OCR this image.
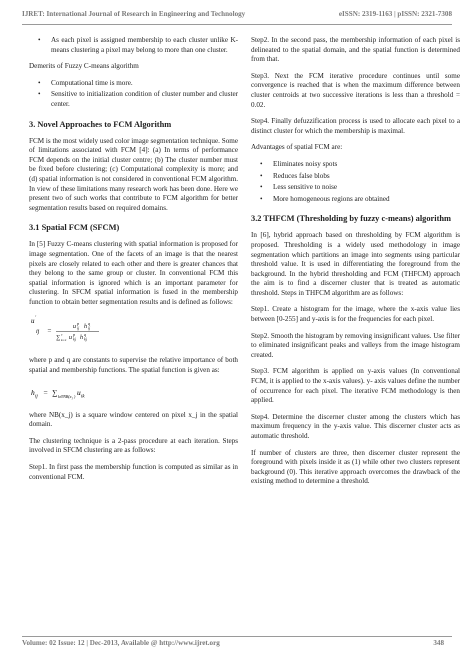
IJRET: International Journal of Research in Engineering and Technology	eISSN: 2319-1163 | pISSN: 2321-7308
• As each pixel is assigned membership to each cluster unlike K-means clustering a pixel may belong to more than one cluster.

Demerits of Fuzzy C-means algorithm

• Computational time is more.
• Sensitive to initialization condition of cluster number and cluster center.
3. Novel Approaches to FCM Algorithm

FCM is the most widely used color image segmentation technique. Some of limitations associated with FCM [4]: (a) In terms of performance FCM depends on the initial cluster centre; (b) The cluster number must be fixed before clustering; (c) Computational complexity is more; and (d) spatial information is not considered in conventional FCM algorithm. In view of these limitations many research work has been done. Here we present two of such works that contribute to FCM algorithm for better segmentation results based on required domains.

3.1 Spatial FCM (SFCM)

In [5] Fuzzy C-means clustering with spatial information is proposed for image segmentation. One of the facets of an image is that the nearest pixels are closely related to each other and there is greater chances that they belong to the same group or cluster. In conventional FCM this spatial information is ignored which is an important parameter for clustering. In SFCM spatial information is fused in the membership function to obtain better segmentation results and is defined as follows:

u '
ij =	u
p
ij h
q
ij
∑ k=1
c
u
p
kj h
q
kj

where p and q are constants to supervise the relative importance of both spatial and membership functions. The spatial function is given as:

h ij = ∑ k∈NB(x j ) u ik

where NB(x_j) is a square window centered on pixel x_j in the spatial domain.

The clustering technique is a 2-pass procedure at each iteration. Steps involved in SFCM clustering are as follows:

Step1. In first pass the membership function is computed as similar as in conventional FCM.

Step2. In the second pass, the membership information of each pixel is delineated to the spatial domain, and the spatial function is determined from that.

Step3. Next the FCM iterative procedure continues until some convergence is reached that is when the maximum difference between cluster centroids at two successive iterations is less than a threshold = 0.02.

Step4. Finally defuzzification process is used to allocate each pixel to a distinct cluster for which the membership is maximal.

Advantages of spatial FCM are:

• Eliminates noisy spots
• Reduces false blobs
• Less sensitive to noise
• More homogeneous regions are obtained
3.2 THFCM (Thresholding by fuzzy c-means) algorithm

In [6], hybrid approach based on thresholding by FCM algorithm is proposed. Thresholding is a widely used methodology in image segmentation which partitions an image into segments using particular threshold value. It is used in differentiating the foreground from the background. In the hybrid thresholding and FCM (THFCM) approach the aim is to find a discerner cluster that is treated as automatic threshold. Steps in THFCM algorithm are as follows:

Step1. Create a histogram for the image, where the x-axis value lies between [0-255] and y-axis is for the frequencies for each pixel.

Step2. Smooth the histogram by removing insignificant values. Use filter to eliminated insignificant peaks and valleys from the image histogram created.

Step3. FCM algorithm is applied on y-axis values (In conventional FCM, it is applied to the x-axis values). y- axis values define the number of occurrence for each pixel. The iterative FCM methodology is then applied.

Step4. Determine the discerner cluster among the clusters which has maximum frequency in the y-axis value. This discerner cluster acts as automatic threshold.

If number of clusters are three, then discerner cluster represent the foreground with pixels inside it as (1) while other two clusters represent background (0). This iterative approach overcomes the drawback of the existing method to determine a threshold.

Volume: 02 Issue: 12 | Dec-2013, Available @ http://www.ijret.org	348
